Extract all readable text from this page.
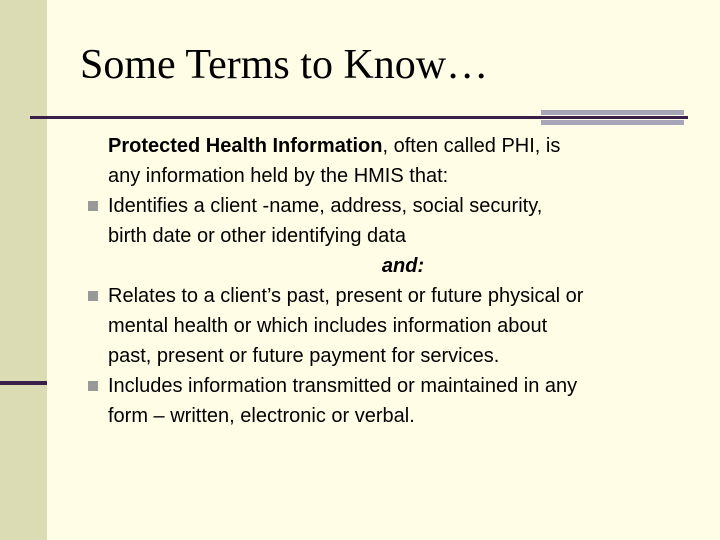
Some Terms to Know…
Protected Health Information, often called PHI, is
any information held by the HMIS that:
Identifies a client -name, address, social security,
birth date or other identifying data
and:
Relates to a client’s past, present or future physical or
mental health or which includes information about
past, present or future payment for services.
Includes information transmitted or maintained in any
form – written, electronic or verbal.
